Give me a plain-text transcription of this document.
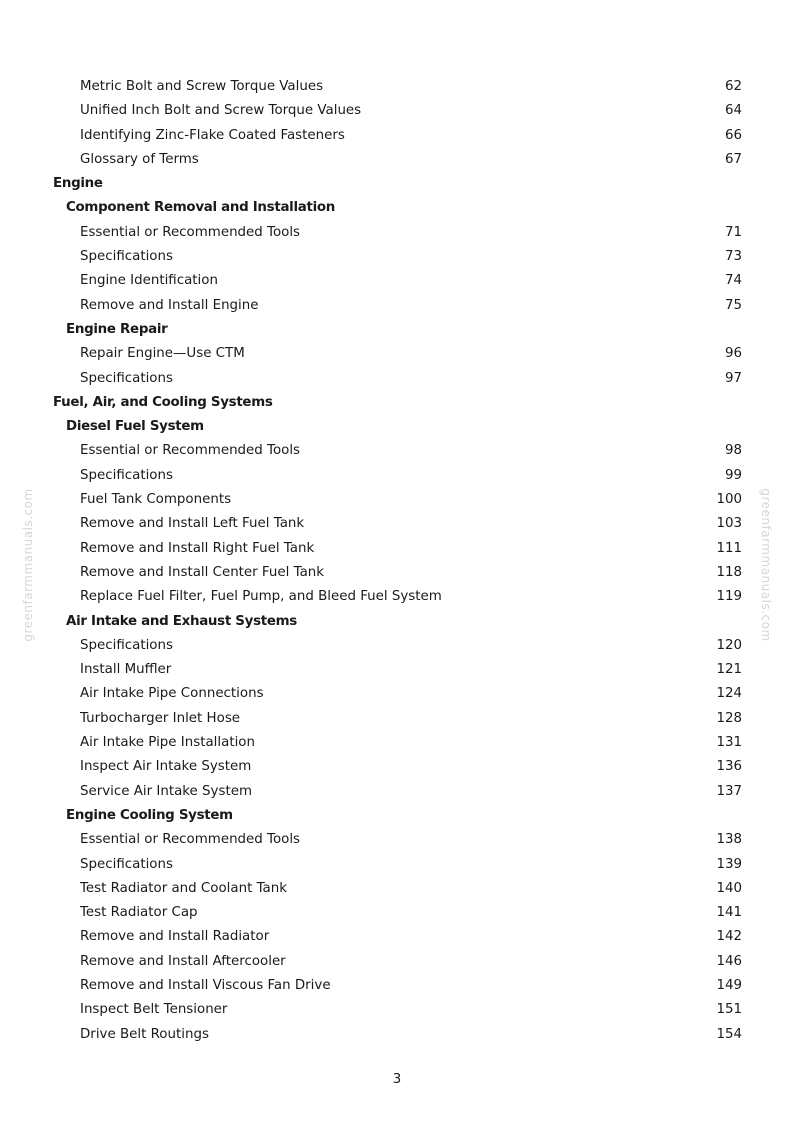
Metric Bolt and Screw Torque Values	62
Unified Inch Bolt and Screw Torque Values	64
Identifying Zinc-Flake Coated Fasteners	66
Glossary of Terms	67
Engine
Component Removal and Installation
Essential or Recommended Tools	71
Specifications	73
Engine Identification	74
Remove and Install Engine	75
Engine Repair
Repair Engine—Use CTM	96
Specifications	97
Fuel, Air, and Cooling Systems
Diesel Fuel System
Essential or Recommended Tools	98
Specifications	99
Fuel Tank Components	100
Remove and Install Left Fuel Tank	103
Remove and Install Right Fuel Tank	111
Remove and Install Center Fuel Tank	118
Replace Fuel Filter, Fuel Pump, and Bleed Fuel System	119
Air Intake and Exhaust Systems
Specifications	120
Install Muffler	121
Air Intake Pipe Connections	124
Turbocharger Inlet Hose	128
Air Intake Pipe Installation	131
Inspect Air Intake System	136
Service Air Intake System	137
Engine Cooling System
Essential or Recommended Tools	138
Specifications	139
Test Radiator and Coolant Tank	140
Test Radiator Cap	141
Remove and Install Radiator	142
Remove and Install Aftercooler	146
Remove and Install Viscous Fan Drive	149
Inspect Belt Tensioner	151
Drive Belt Routings	154
3
greenfarmmanuals.com	greenfarmmanuals.com
